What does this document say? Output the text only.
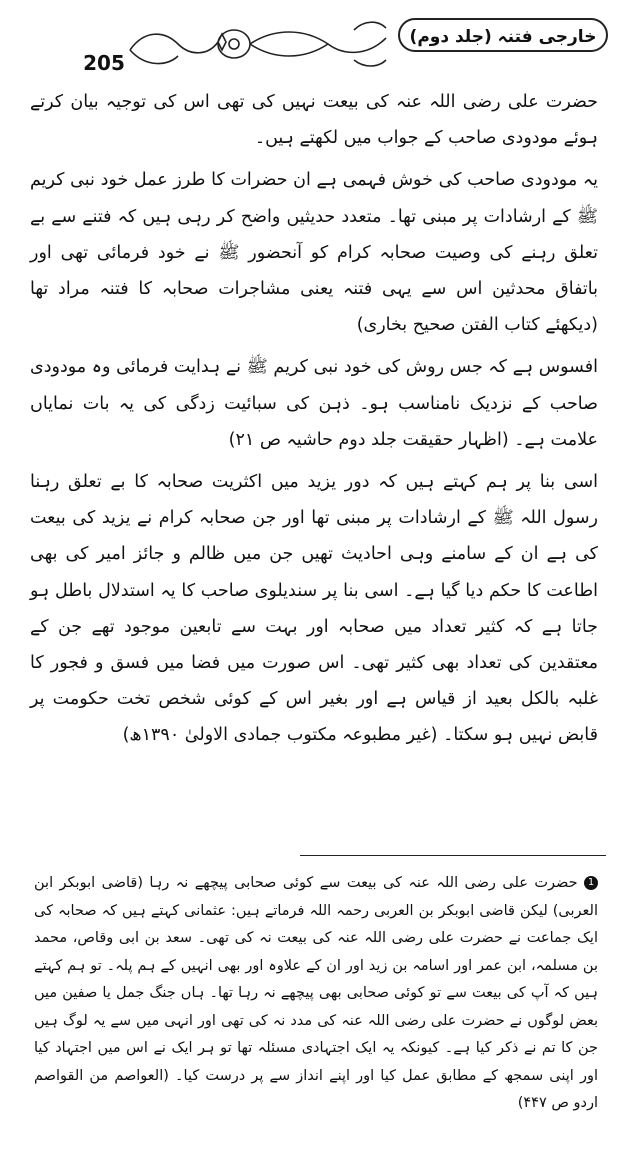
205
خارجی فتنہ (جلد دوم)

حضرت علی رضی اللہ عنہ کی بیعت نہیں کی تھی اس کی توجیہ بیان کرتے ہوئے مودودی صاحب کے جواب میں لکھتے ہیں۔

یہ مودودی صاحب کی خوش فہمی ہے ان حضرات کا طرز عمل خود نبی کریم ﷺ کے ارشادات پر مبنی تھا۔ متعدد حدیثیں واضح کر رہی ہیں کہ فتنے سے بے تعلق رہنے کی وصیت صحابہ کرام کو آنحضور ﷺ نے خود فرمائی تھی اور باتفاق محدثین اس سے یہی فتنہ یعنی مشاجرات صحابہ کا فتنہ مراد تھا (دیکھئے کتاب الفتن صحیح بخاری)

افسوس ہے کہ جس روش کی خود نبی کریم ﷺ نے ہدایت فرمائی وہ مودودی صاحب کے نزدیک نامناسب ہو۔ ذہن کی سبائیت زدگی کی یہ بات نمایاں علامت ہے۔ (اظہار حقیقت جلد دوم حاشیہ ص ۲۱)

اسی بنا پر ہم کہتے ہیں کہ دور یزید میں اکثریت صحابہ کا بے تعلق رہنا رسول اللہ ﷺ کے ارشادات پر مبنی تھا اور جن صحابہ کرام نے یزید کی بیعت کی ہے ان کے سامنے وہی احادیث تھیں جن میں ظالم و جائز امیر کی بھی اطاعت کا حکم دیا گیا ہے۔ اسی بنا پر سندیلوی صاحب کا یہ استدلال باطل ہو جاتا ہے کہ کثیر تعداد میں صحابہ اور بہت سے تابعین موجود تھے جن کے معتقدین کی تعداد بھی کثیر تھی۔ اس صورت میں فضا میں فسق و فجور کا غلبہ بالکل بعید از قیاس ہے اور بغیر اس کے کوئی شخص تخت حکومت پر قابض نہیں ہو سکتا۔ (غیر مطبوعہ مکتوب جمادی الاولیٰ ۱۳۹۰ھ)

1 حضرت علی رضی اللہ عنہ کی بیعت سے کوئی صحابی پیچھے نہ رہا (قاضی ابوبکر ابن العربی) لیکن قاضی ابوبکر بن العربی رحمہ اللہ فرماتے ہیں: عثمانی کہتے ہیں کہ صحابہ کی ایک جماعت نے حضرت علی رضی اللہ عنہ کی بیعت نہ کی تھی۔ سعد بن ابی وقاص، محمد بن مسلمہ، ابن عمر اور اسامہ بن زید اور ان کے علاوہ اور بھی انہیں کے ہم پلہ۔ تو ہم کہتے ہیں کہ آپ کی بیعت سے تو کوئی صحابی بھی پیچھے نہ رہا تھا۔ ہاں جنگ جمل یا صفین میں بعض لوگوں نے حضرت علی رضی اللہ عنہ کی مدد نہ کی تھی اور انہی میں سے یہ لوگ ہیں جن کا تم نے ذکر کیا ہے۔ کیونکہ یہ ایک اجتہادی مسئلہ تھا تو ہر ایک نے اس میں اجتہاد کیا اور اپنی سمجھ کے مطابق عمل کیا اور اپنے انداز سے پر درست کیا۔ (العواصم من القواصم اردو ص ۴۴۷)
